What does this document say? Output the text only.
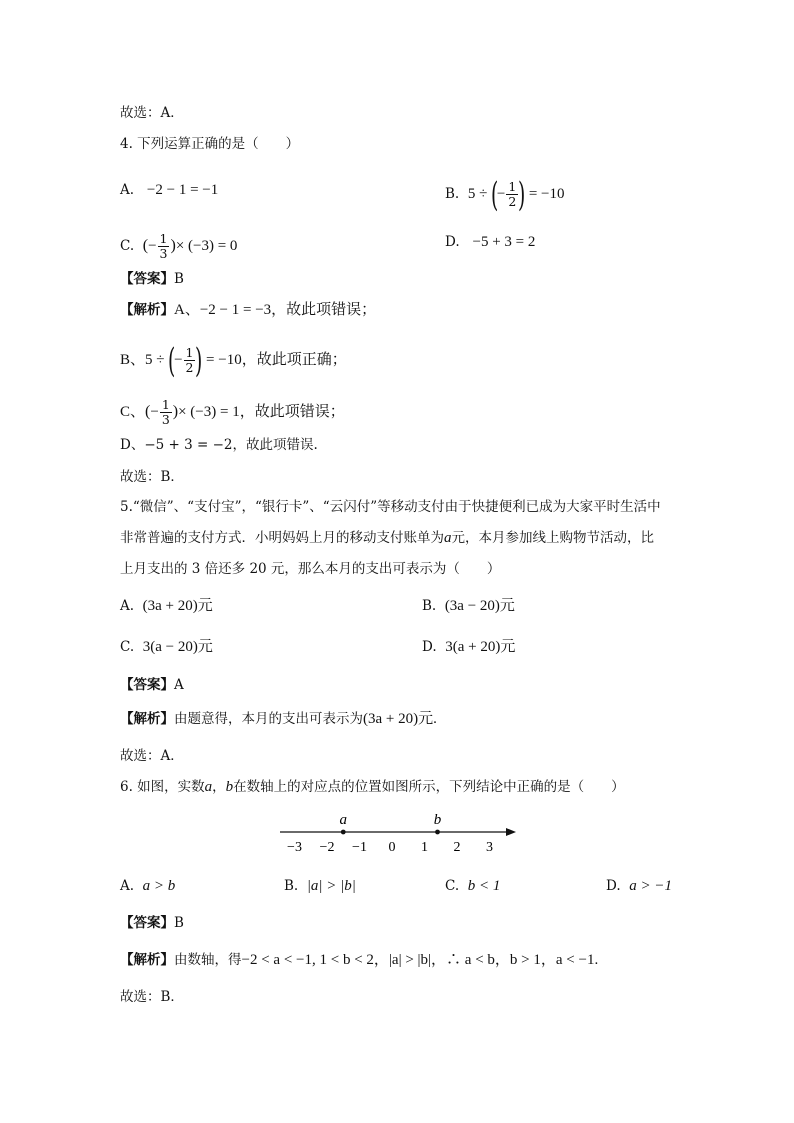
故选：A．
4. 下列运算正确的是（　　）
A. −2 − 1 = −1	B. 5 ÷ (− $\frac{1}{2}$ ) = −10
C. (− $\frac{1}{3}$ )× (−3) = 0	D. −5 + 3 = 2
【答案】B
【解析】A、−2 − 1 = −3，故此项错误；
B、5 ÷ (− $\frac{1}{2}$ ) = −10，故此项正确；
C、(− $\frac{1}{3}$ )× (−3) = 1，故此项错误；
D、−5 + 3 = −2，故此项错误.
故选：B．
5.“微信”、“支付宝”，“银行卡”、“云闪付”等移动支付由于快捷便利已成为大家平时生活中
非常普遍的支付方式．小明妈妈上月的移动支付账单为a元，本月参加线上购物节活动，比
上月支出的 3 倍还多 20 元，那么本月的支出可表示为（　　）
A. (3a + 20)元	B. (3a − 20)元
C. 3(a − 20)元	D. 3(a + 20)元
【答案】A
【解析】由题意得，本月的支出可表示为(3a + 20)元.
故选：A．
6. 如图，实数a，b在数轴上的对应点的位置如图所示，下列结论中正确的是（　　）
−3 −2 −1 0 1 2 3
a	b
A. a > b	B. |a| > |b|	C. b < 1	D. a > −1
【答案】B
【解析】由数轴，得−2 < a < −1, 1 < b < 2，|a| > |b|，∴ a < b，b > 1，a < −1.
故选：B．
